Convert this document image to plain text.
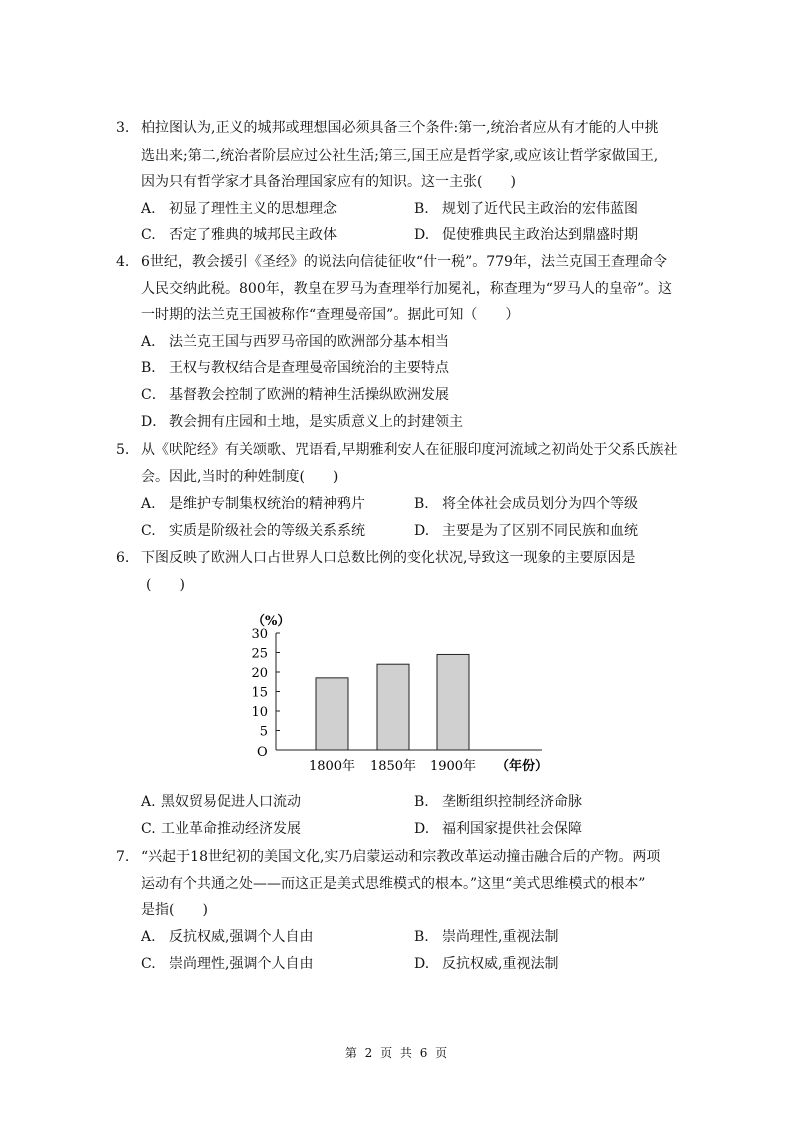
3. 柏拉图认为,正义的城邦或理想国必须具备三个条件:第一,统治者应从有才能的人中挑
选出来;第二,统治者阶层应过公社生活;第三,国王应是哲学家,或应该让哲学家做国王,
因为只有哲学家才具备治理国家应有的知识。这一主张(　　)
A. 初显了理性主义的思想理念	B. 规划了近代民主政治的宏伟蓝图
C. 否定了雅典的城邦民主政体	D. 促使雅典民主政治达到鼎盛时期
4. 6世纪，教会援引《圣经》的说法向信徒征收“什一税”。779年，法兰克国王查理命令
人民交纳此税。800年，教皇在罗马为查理举行加冕礼，称查理为“罗马人的皇帝”。这
一时期的法兰克王国被称作“查理曼帝国”。据此可知（　　）
A． 法兰克王国与西罗马帝国的欧洲部分基本相当
B． 王权与教权结合是查理曼帝国统治的主要特点
C． 基督教会控制了欧洲的精神生活操纵欧洲发展
D． 教会拥有庄园和土地，是实质意义上的封建领主
5. 从《吠陀经》有关颂歌、咒语看,早期雅利安人在征服印度河流域之初尚处于父系氏族社
会。因此,当时的种姓制度(　　)
A. 是维护专制集权统治的精神鸦片	B. 将全体社会成员划分为四个等级
C. 实质是阶级社会的等级关系系统	D. 主要是为了区别不同民族和血统
6. 下图反映了欧洲人口占世界人口总数比例的变化状况,导致这一现象的主要原因是
(　　)
（%）
O
（年份）
30
25
20
15
10
5
1800年 1850年 1900年
A. 黑奴贸易促进人口流动	B. 垄断组织控制经济命脉
C. 工业革命推动经济发展	D. 福利国家提供社会保障
7. “兴起于18世纪初的美国文化,实乃启蒙运动和宗教改革运动撞击融合后的产物。两项
运动有个共通之处——而这正是美式思维模式的根本。”这里“美式思维模式的根本”
是指(　　)
A. 反抗权威,强调个人自由	B. 崇尚理性,重视法制
C. 崇尚理性,强调个人自由	D. 反抗权威,重视法制
第 2 页 共 6 页
